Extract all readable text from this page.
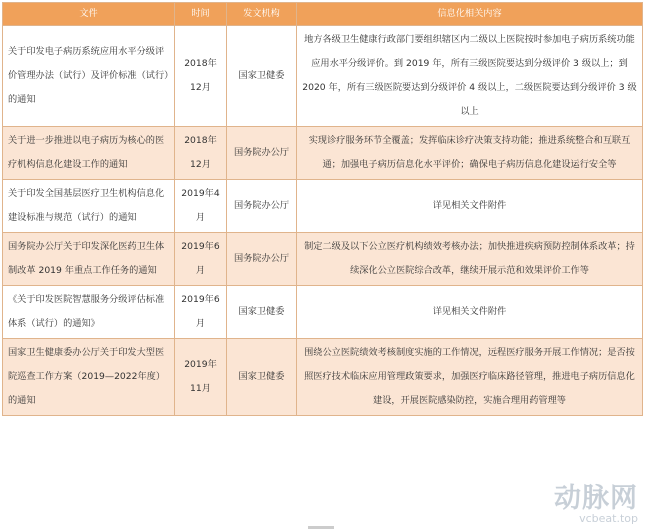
文件	时间	发文机构	信息化相关内容
关于印发电子病历系统应用水平分级评价管理办法（试行）及评价标准（试行）的通知	2018年12月	国家卫健委	地方各级卫生健康行政部门要组织辖区内二级以上医院按时参加电子病历系统功能应用水平分级评价。到 2019 年，所有三级医院要达到分级评价 3 级以上；到 2020 年，所有三级医院要达到分级评价 4 级以上，二级医院要达到分级评价 3 级以上
关于进一步推进以电子病历为核心的医疗机构信息化建设工作的通知	2018年12月	国务院办公厅	实现诊疗服务环节全覆盖；发挥临床诊疗决策支持功能；推进系统整合和互联互通；加强电子病历信息化水平评价；确保电子病历信息化建设运行安全等
关于印发全国基层医疗卫生机构信息化建设标准与规范（试行）的通知	2019年4月	国务院办公厅	详见相关文件附件
国务院办公厅关于印发深化医药卫生体制改革 2019 年重点工作任务的通知	2019年6月	国务院办公厅	制定二级及以下公立医疗机构绩效考核办法；加快推进疾病预防控制体系改革；持续深化公立医院综合改革，继续开展示范和效果评价工作等
《关于印发医院智慧服务分级评估标准体系（试行）的通知》	2019年6月	国家卫健委	详见相关文件附件
国家卫生健康委办公厅关于印发大型医院巡查工作方案（2019—2022年度）的通知	2019年11月	国家卫健委	围绕公立医院绩效考核制度实施的工作情况，远程医疗服务开展工作情况；是否按照医疗技术临床应用管理政策要求，加强医疗临床路径管理，推进电子病历信息化建设，开展医院感染防控，实施合理用药管理等
动脉网
vcbeat.top
